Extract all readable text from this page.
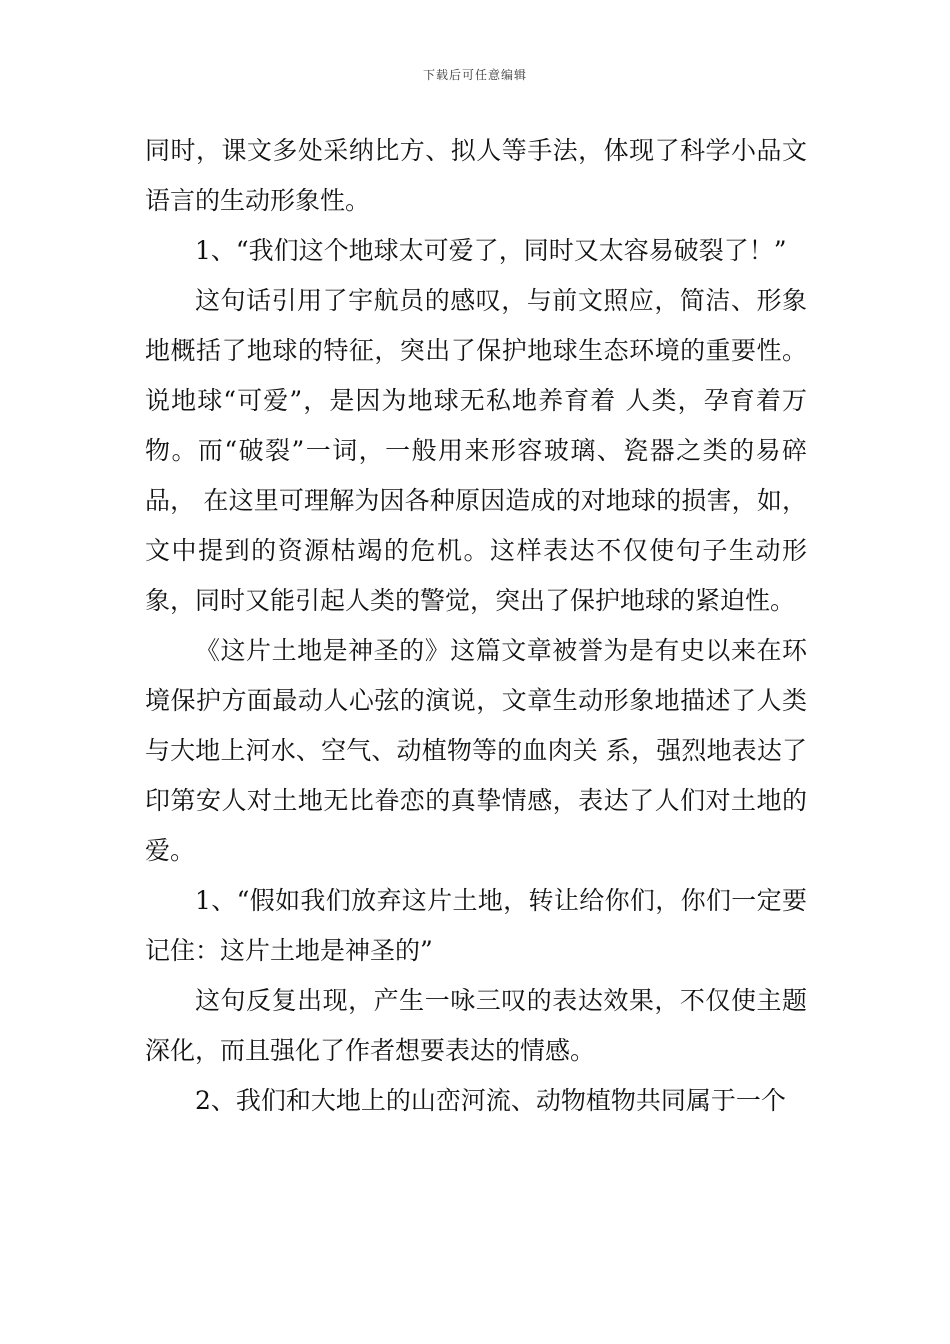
下载后可任意编辑

同时，课文多处采纳比方、拟人等手法，体现了科学小品文语言的生动形象性。

1、“我们这个地球太可爱了，同时又太容易破裂了！”

这句话引用了宇航员的感叹，与前文照应，简洁、形象地概括了地球的特征，突出了保护地球生态环境的重要性。说地球“可爱”，是因为地球无私地养育着 人类，孕育着万物。而“破裂”一词，一般用来形容玻璃、瓷器之类的易碎品， 在这里可理解为因各种原因造成的对地球的损害，如，文中提到的资源枯竭的危机。这样表达不仅使句子生动形象，同时又能引起人类的警觉，突出了保护地球的紧迫性。

《这片土地是神圣的》这篇文章被誉为是有史以来在环境保护方面最动人心弦的演说，文章生动形象地描述了人类与大地上河水、空气、动植物等的血肉关 系，强烈地表达了印第安人对土地无比眷恋的真挚情感，表达了人们对土地的爱。

1、“假如我们放弃这片土地，转让给你们，你们一定要记住：这片土地是神圣的”

这句反复出现，产生一咏三叹的表达效果，不仅使主题深化，而且强化了作者想要表达的情感。

2、我们和大地上的山峦河流、动物植物共同属于一个
